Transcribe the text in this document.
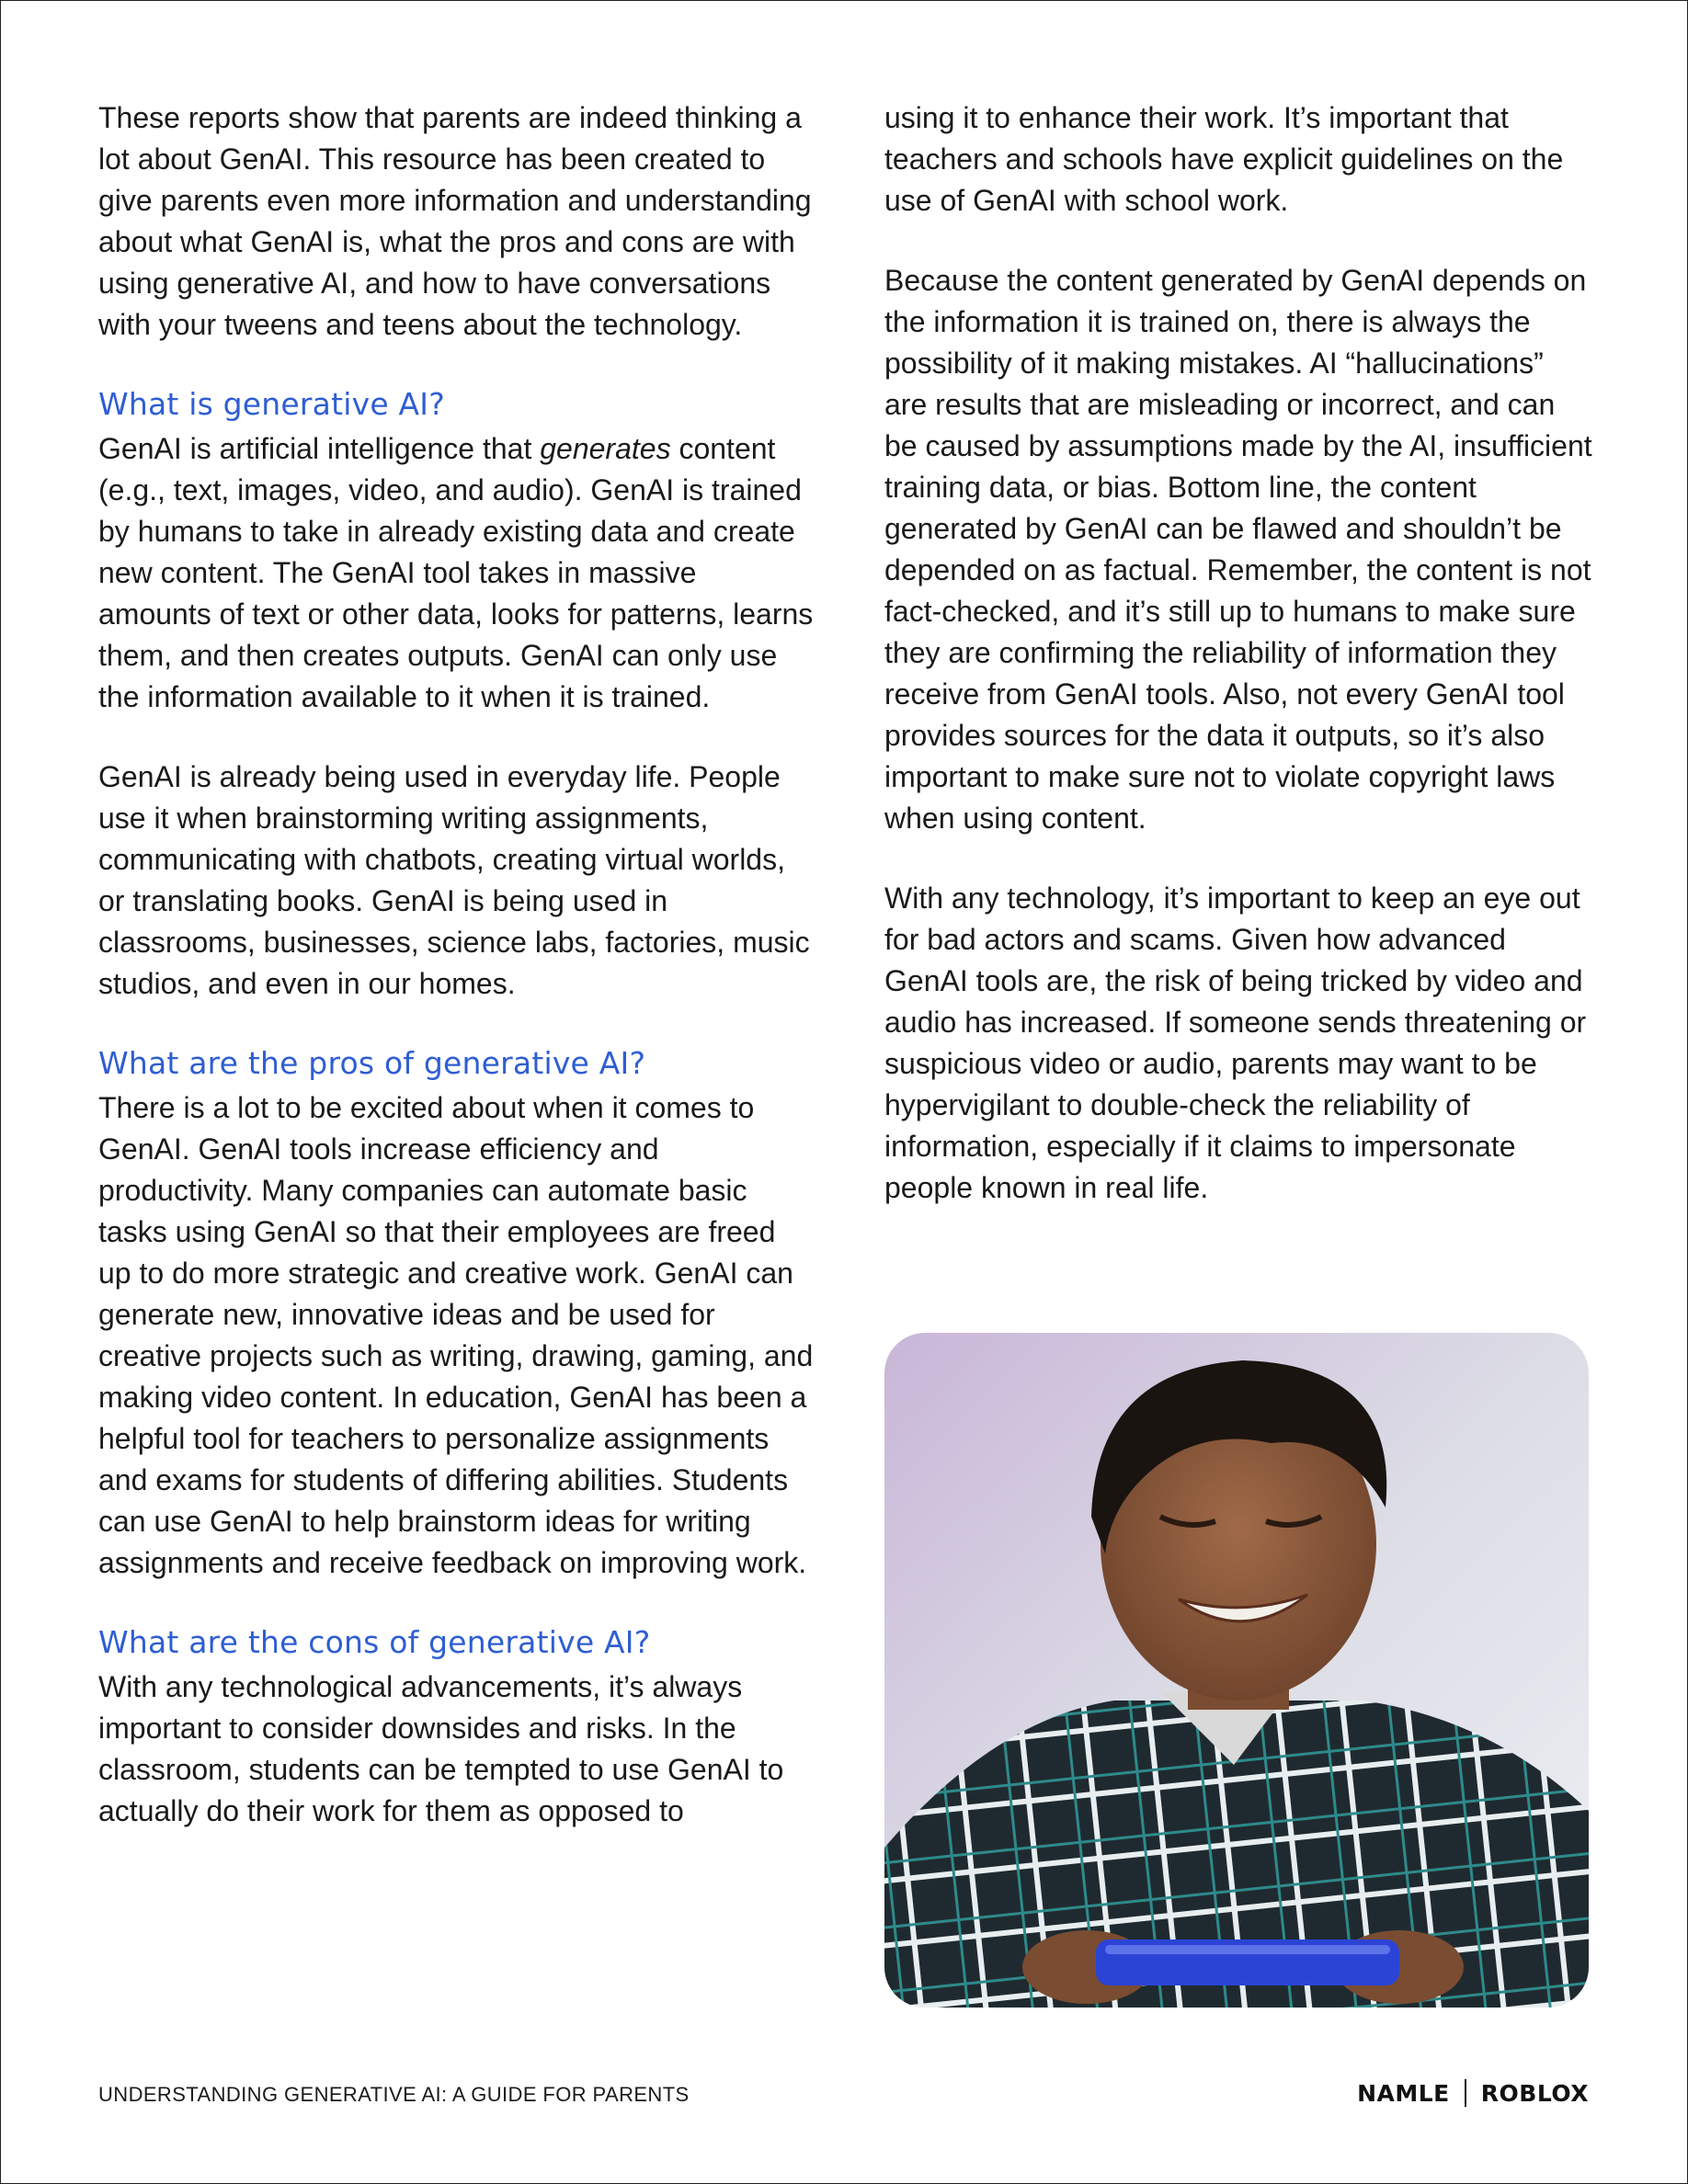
These reports show that parents are indeed thinking a lot about GenAI. This resource has been created to give parents even more information and understanding about what GenAI is, what the pros and cons are with using generative AI, and how to have conversations with your tweens and teens about the technology.

What is generative AI?

GenAI is artificial intelligence that generates content (e.g., text, images, video, and audio). GenAI is trained by humans to take in already existing data and create new content. The GenAI tool takes in massive amounts of text or other data, looks for patterns, learns them, and then creates outputs. GenAI can only use the information available to it when it is trained.

GenAI is already being used in everyday life. People use it when brainstorming writing assignments, communicating with chatbots, creating virtual worlds, or translating books. GenAI is being used in classrooms, businesses, science labs, factories, music studios, and even in our homes.

What are the pros of generative AI?

There is a lot to be excited about when it comes to GenAI. GenAI tools increase efficiency and productivity. Many companies can automate basic tasks using GenAI so that their employees are freed up to do more strategic and creative work. GenAI can generate new, innovative ideas and be used for creative projects such as writing, drawing, gaming, and making video content. In education, GenAI has been a helpful tool for teachers to personalize assignments and exams for students of differing abilities. Students can use GenAI to help brainstorm ideas for writing assignments and receive feedback on improving work.

What are the cons of generative AI?

With any technological advancements, it’s always important to consider downsides and risks. In the classroom, students can be tempted to use GenAI to actually do their work for them as opposed to

using it to enhance their work. It’s important that teachers and schools have explicit guidelines on the use of GenAI with school work.

Because the content generated by GenAI depends on the information it is trained on, there is always the possibility of it making mistakes. AI “hallucinations” are results that are misleading or incorrect, and can be caused by assumptions made by the AI, insufficient training data, or bias. Bottom line, the content generated by GenAI can be flawed and shouldn’t be depended on as factual. Remember, the content is not fact-checked, and it’s still up to humans to make sure they are confirming the reliability of information they receive from GenAI tools. Also, not every GenAI tool provides sources for the data it outputs, so it’s also important to make sure not to violate copyright laws when using content.

With any technology, it’s important to keep an eye out for bad actors and scams. Given how advanced GenAI tools are, the risk of being tricked by video and audio has increased. If someone sends threatening or suspicious video or audio, parents may want to be hypervigilant to double-check the reliability of information, especially if it claims to impersonate people known in real life.

UNDERSTANDING GENERATIVE AI: A GUIDE FOR PARENTS	NAMLE ROBLOX
